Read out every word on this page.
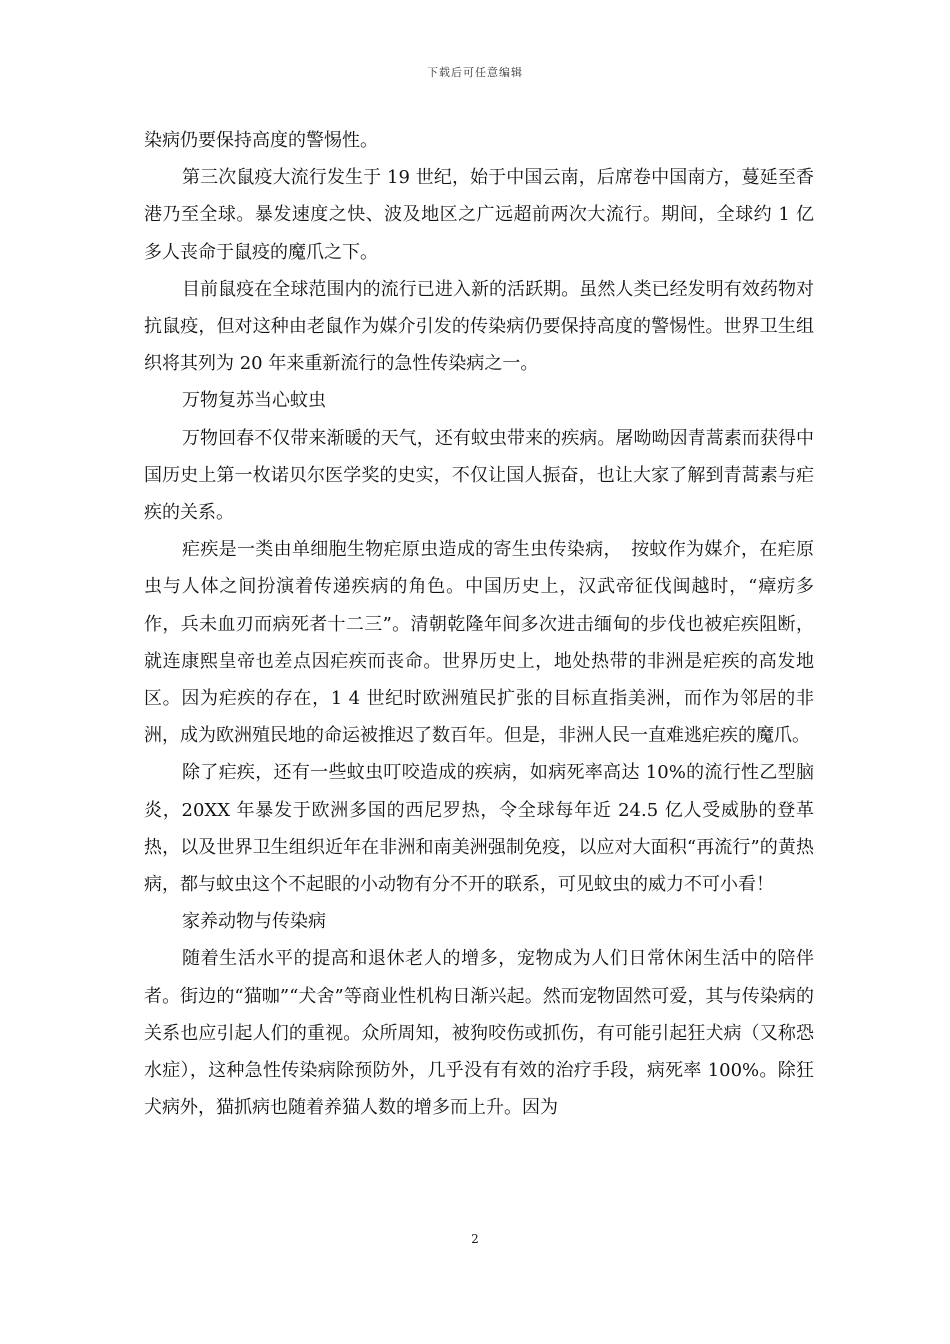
下载后可任意编辑

染病仍要保持高度的警惕性。

第三次鼠疫大流行发生于 19 世纪，始于中国云南，后席卷中国南方，蔓延至香港乃至全球。暴发速度之快、波及地区之广远超前两次大流行。期间，全球约 1 亿多人丧命于鼠疫的魔爪之下。

目前鼠疫在全球范围内的流行已进入新的活跃期。虽然人类已经发明有效药物对抗鼠疫，但对这种由老鼠作为媒介引发的传染病仍要保持高度的警惕性。世界卫生组织将其列为 20 年来重新流行的急性传染病之一。

万物复苏当心蚊虫

万物回春不仅带来渐暖的天气，还有蚊虫带来的疾病。屠呦呦因青蒿素而获得中国历史上第一枚诺贝尔医学奖的史实，不仅让国人振奋，也让大家了解到青蒿素与疟疾的关系。

疟疾是一类由单细胞生物疟原虫造成的寄生虫传染病，　按蚊作为媒介，在疟原虫与人体之间扮演着传递疾病的角色。中国历史上，汉武帝征伐闽越时，“瘴疠多作，兵未血刃而病死者十二三”。清朝乾隆年间多次进击缅甸的步伐也被疟疾阻断，就连康熙皇帝也差点因疟疾而丧命。世界历史上，地处热带的非洲是疟疾的高发地区。因为疟疾的存在，1 4 世纪时欧洲殖民扩张的目标直指美洲，而作为邻居的非洲，成为欧洲殖民地的命运被推迟了数百年。但是，非洲人民一直难逃疟疾的魔爪。

除了疟疾，还有一些蚊虫叮咬造成的疾病，如病死率高达 10%的流行性乙型脑炎，20XX 年暴发于欧洲多国的西尼罗热，令全球每年近 24.5 亿人受威胁的登革热，以及世界卫生组织近年在非洲和南美洲强制免疫，以应对大面积“再流行”的黄热病，都与蚊虫这个不起眼的小动物有分不开的联系，可见蚊虫的威力不可小看！

家养动物与传染病

随着生活水平的提高和退休老人的增多，宠物成为人们日常休闲生活中的陪伴者。街边的“猫咖”“犬舍”等商业性机构日渐兴起。然而宠物固然可爱，其与传染病的关系也应引起人们的重视。众所周知，被狗咬伤或抓伤，有可能引起狂犬病（又称恐水症），这种急性传染病除预防外，几乎没有有效的治疗手段，病死率 100%。除狂犬病外，猫抓病也随着养猫人数的增多而上升。因为

2
